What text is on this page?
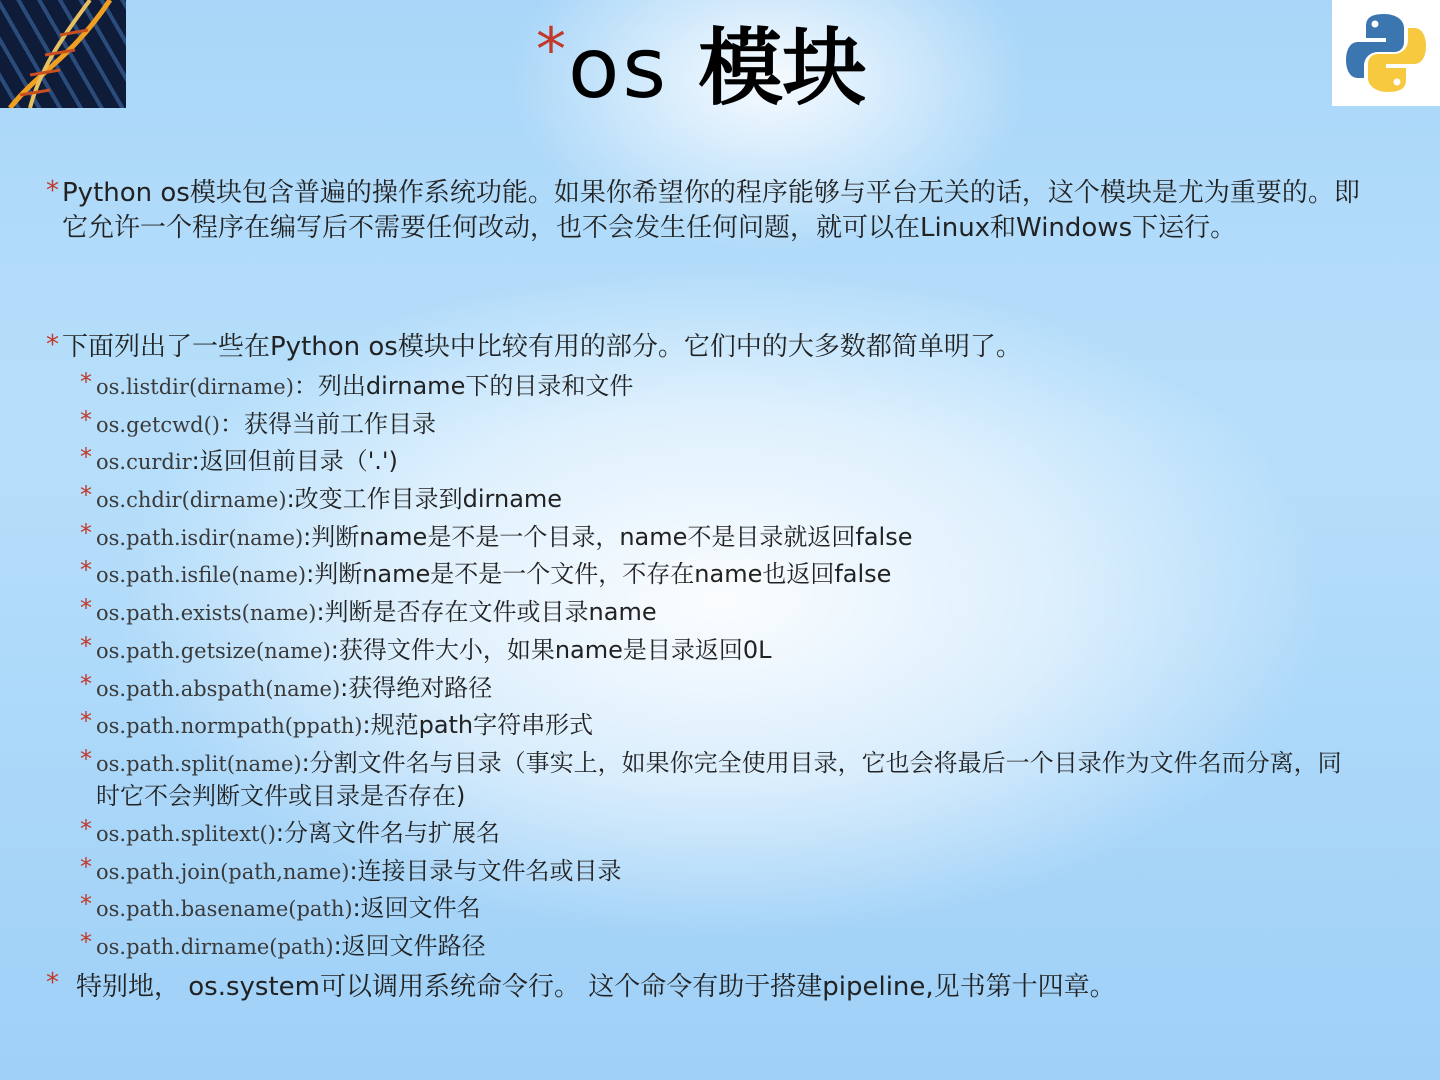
* os 模块
* Python os模块包含普遍的操作系统功能。如果你希望你的程序能够与平台无关的话，这个模块是尤为重要的。即它允许一个程序在编写后不需要任何改动，也不会发生任何问题，就可以在Linux和Windows下运行。
* 下面列出了一些在Python os模块中比较有用的部分。它们中的大多数都简单明了。
* os.listdir(dirname)：列出dirname下的目录和文件
* os.getcwd()：获得当前工作目录
* os.curdir:返回但前目录（'.')
* os.chdir(dirname):改变工作目录到dirname
* os.path.isdir(name):判断name是不是一个目录，name不是目录就返回false
* os.path.isfile(name):判断name是不是一个文件，不存在name也返回false
* os.path.exists(name):判断是否存在文件或目录name
* os.path.getsize(name):获得文件大小，如果name是目录返回0L
* os.path.abspath(name):获得绝对路径
* os.path.normpath(ppath):规范path字符串形式
* os.path.split(name):分割文件名与目录（事实上，如果你完全使用目录，它也会将最后一个目录作为文件名而分离，同时它不会判断文件或目录是否存在)
* os.path.splitext():分离文件名与扩展名
* os.path.join(path,name):连接目录与文件名或目录
* os.path.basename(path):返回文件名
* os.path.dirname(path):返回文件路径
* 特别地， os.system可以调用系统命令行。 这个命令有助于搭建pipeline,见书第十四章。
